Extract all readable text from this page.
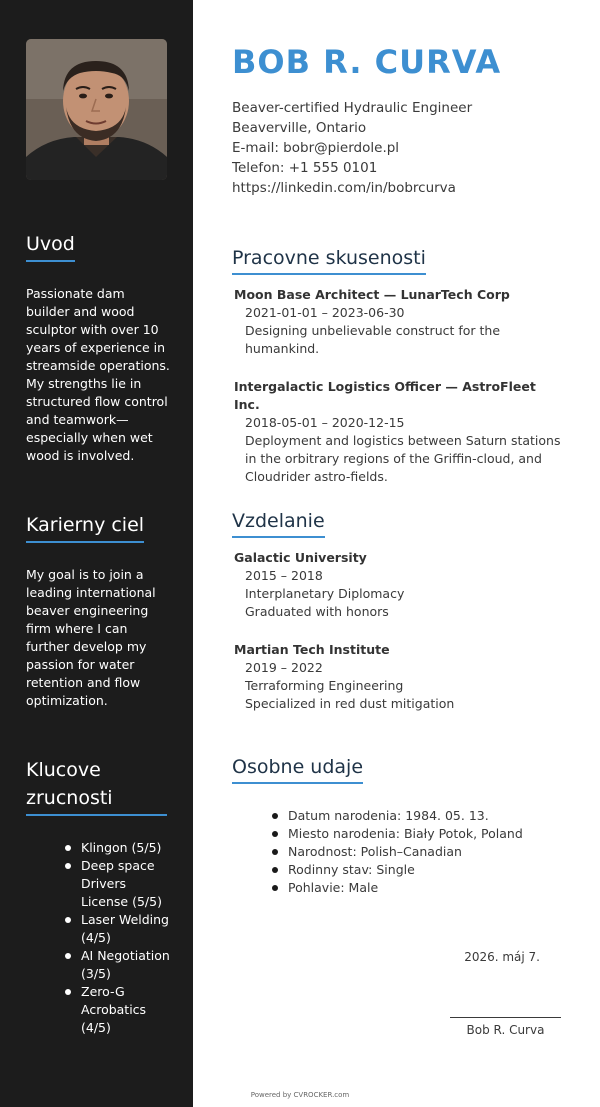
Uvod

Passionate dam builder and wood sculptor with over 10 years of experience in streamside operations. My strengths lie in structured flow control and teamwork—especially when wet wood is involved.

Karierny ciel

My goal is to join a leading international beaver engineering firm where I can further develop my passion for water retention and flow optimization.

Klucove zrucnosti
Klingon (5/5)
Deep space Drivers License (5/5)
Laser Welding (4/5)
AI Negotiation (3/5)
Zero-G Acrobatics (4/5)
BOB R. CURVA
Beaver-certified Hydraulic Engineer
Beaverville, Ontario
E-mail: bobr@pierdole.pl
Telefon: +1 555 0101
https://linkedin.com/in/bobrcurva
Pracovne skusenosti
Moon Base Architect — LunarTech Corp
2021-01-01 – 2023-06-30
Designing unbelievable construct for the humankind.
Intergalactic Logistics Officer — AstroFleet Inc.
2018-05-01 – 2020-12-15
Deployment and logistics between Saturn stations in the orbitrary regions of the Griffin-cloud, and Cloudrider astro-fields.
Vzdelanie
Galactic University
2015 – 2018
Interplanetary Diplomacy
Graduated with honors
Martian Tech Institute
2019 – 2022
Terraforming Engineering
Specialized in red dust mitigation
Osobne udaje
Datum narodenia: 1984. 05. 13.
Miesto narodenia: Biały Potok, Poland
Narodnost: Polish–Canadian
Rodinny stav: Single
Pohlavie: Male
2026. máj 7.
Bob R. Curva
Powered by CVROCKER.com
